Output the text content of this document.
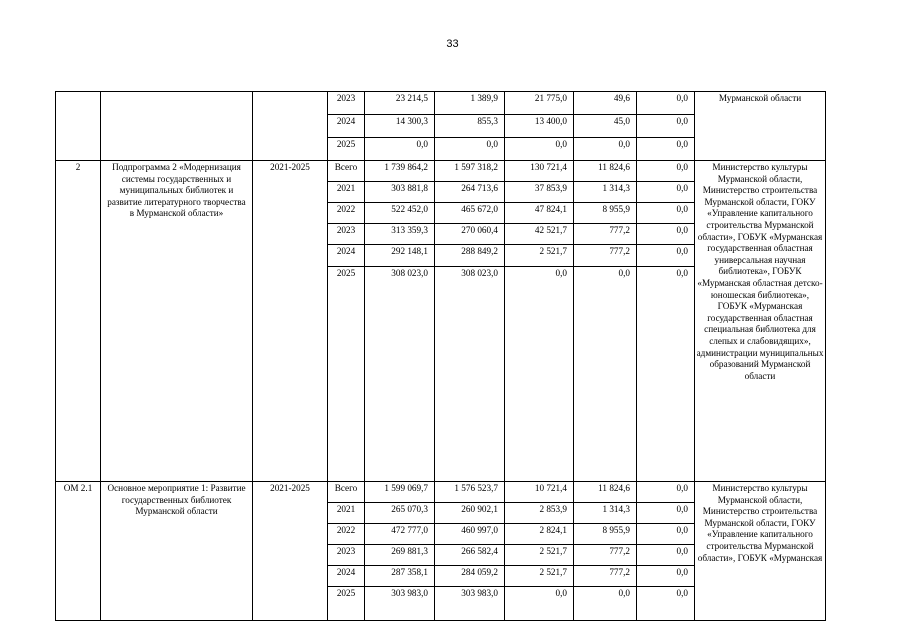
33
			2023	23 214,5	1 389,9	21 775,0	49,6	0,0	Мурманской области
			2024	14 300,3	855,3	13 400,0	45,0	0,0	
			2025	0,0	0,0	0,0	0,0	0,0	
2	Подпрограмма 2 «Модернизация системы государственных и муниципальных библиотек и развитие литературного творчества в Мурманской области»	2021-2025	Всего	1 739 864,2	1 597 318,2	130 721,4	11 824,6	0,0	Министерство культуры Мурманской области, Министерство строительства Мурманской области, ГОКУ «Управление капитального строительства Мурманской области», ГОБУК «Мурманская государственная областная универсальная научная библиотека», ГОБУК «Мурманская областная детско-юношеская библиотека», ГОБУК «Мурманская государственная областная специальная библиотека для слепых и слабовидящих», администрации муниципальных образований Мурманской области
			2021	303 881,8	264 713,6	37 853,9	1 314,3	0,0	
			2022	522 452,0	465 672,0	47 824,1	8 955,9	0,0	
			2023	313 359,3	270 060,4	42 521,7	777,2	0,0	
			2024	292 148,1	288 849,2	2 521,7	777,2	0,0	
			2025	308 023,0	308 023,0	0,0	0,0	0,0	
ОМ 2.1	Основное мероприятие 1: Развитие государственных библиотек Мурманской области	2021-2025	Всего	1 599 069,7	1 576 523,7	10 721,4	11 824,6	0,0	Министерство культуры Мурманской области, Министерство строительства Мурманской области, ГОКУ «Управление капитального строительства Мурманской области», ГОБУК «Мурманская
			2021	265 070,3	260 902,1	2 853,9	1 314,3	0,0	
			2022	472 777,0	460 997,0	2 824,1	8 955,9	0,0	
			2023	269 881,3	266 582,4	2 521,7	777,2	0,0	
			2024	287 358,1	284 059,2	2 521,7	777,2	0,0	
			2025	303 983,0	303 983,0	0,0	0,0	0,0	
